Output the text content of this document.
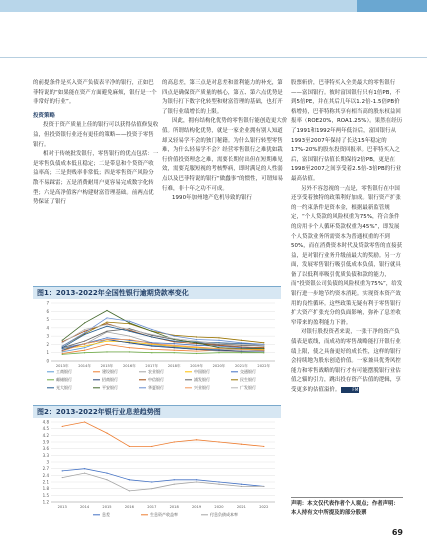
的前提条件是买入资产负债表平净的银行，正如巴菲特说的“如果能在资产方面避免麻烦，银行是一个非常好的行业”。

投资策略

投资于资产质量上佳的银行可以获得估值修复收益，但投资银行业还有更佳的策略——投资于零售银行。

相对于传统批发银行，零售银行的优点包括：一是零售负债成本低且稳定；二是带息和个贷资产收益率高；三是贵贱率非常低；四是零售资产风险分散不易踩雷；五是消费耐用户更容易完成数字化转型；六是高净值客户构建财富管理基础。前两点优势保证了银行

的高息差，第三点是对息差和盈利能力的补充，第四点是确保资产质量的核心，第五、第六点优势是为银行打下数字化转型和财富管理的基础，也打开了银行业绩增长的上限。

因此，拥有结构化优势的零售银行能创造更大价值。所谓结构化优势，就是一家企业拥有别人知道却又轻易学不会的独门秘籍。为什么银行转型零售难，为什么轻易学不会？经营零售银行之难犹如栽行价值投资理念之难，需要长期付出但在短期难见效，需要克服短视的考核弊病，即时满足的人性弱点以及巴菲特说的银行“做蠢事”的惯性，可谓知易行难，非十年之功不可成。

1990年加州地产危机导致的银行

股票斩价，巴菲特买入全美最大的零售银行——富国银行。彼时富国银行只有1倍PB，不到5倍PE，并在其后几年以1.2倍-1.5倍PB价格增持，巴菲特称其享有相当高的股东权益回报率（ROE20%，ROA1.25%）。果然在经历了1991和1992年两年低谷后，富国银行从1993至2007年保持了长达15年稳定的17%-20%的股东投资回报率。巴菲特买入之后，富国银行估值长期保持2倍PB，更是在1998至2007之间享受着2.5倍-3倍PB的行业最高估值。

另外不容忽视的一点是，零售银行在中国还享受着独特的政策利好加成。银行资产扩张的一约束条件是资本金，根据最新监管规定，“个人贷款的风险权重为75%，符合条件的房用卡个人循环贷款权重为45%”，即发展个人贷款业务所需资本为普通权重的不到50%，而在消费资本时代及贷款零售的直接获益，是对银行业务升级前最大的奖励。另一方面，发展零售银行吸引低成本负债，银行就具备了以低利率吸引优质负债和款的能力，而“投资银公司负债的风险权重为75%”，给发银行进一步地节约资本消耗。实现资本资产效用的良性循环。这些政策无疑有利于零售银行扩大资产扩张充分的负面影响，弥补了息差收窄带来的盈利能力下滑。

对银行股投资者来说，一张干净的资产负债表是底线，而成功的零售战略能打开银行业绩上限，使之具备更好的成长性，这样的银行会持续地为股东创造价值。一家兼具优秀风控能力和零售战略的银行才有可能摆脱银行业估值之辎的引力，跳出投存资产估值的逻辑，享受更多的估值溢价。	FM

图1：2013-2022年全国性银行逾期贷款率变化
0
1
2
3
4
5
6
7
2013年	2014年	2015年	2016年	2017年	2018年	2019年	2020年	2021年	2022年
工商银行	建设银行	农业银行	中国银行	交通银行
邮储银行	招商银行	中信银行	浦发银行	民生银行
光大银行	平安银行	华夏银行	兴业银行	广发银行
图2：2013-2022年银行业息差趋势图
1.2
1.5
1.8
2.1
2.4
2.7
3
3.3
3.6
3.9
4.2
4.5
4.8
2013	2014	2015	2016	2017	2018	2019	2020	2021	2022
息差	生息资产收益率	付息负债成本率
声明：本文仅代表作者个人观点；作者声明：本人持有文中所提及的部分股票
69
